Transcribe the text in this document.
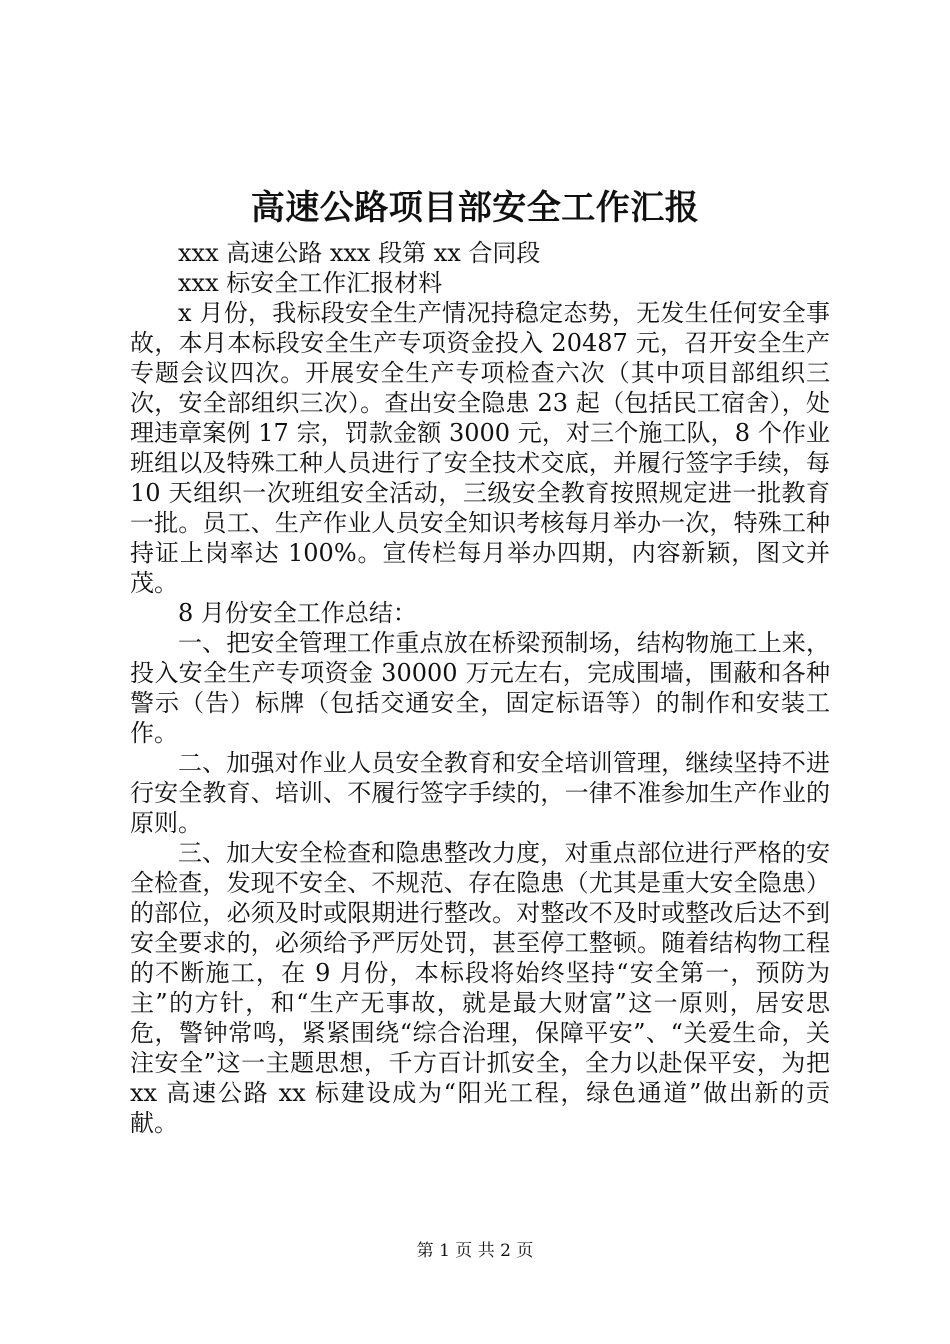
高速公路项目部安全工作汇报

xxx 高速公路 xxx 段第 xx 合同段

xxx 标安全工作汇报材料

x 月份，我标段安全生产情况持稳定态势，无发生任何安全事故，本月本标段安全生产专项资金投入 20487 元，召开安全生产专题会议四次。开展安全生产专项检查六次（其中项目部组织三次，安全部组织三次）。查出安全隐患 23 起（包括民工宿舍），处理违章案例 17 宗，罚款金额 3000 元，对三个施工队，8 个作业班组以及特殊工种人员进行了安全技术交底，并履行签字手续，每 10 天组织一次班组安全活动，三级安全教育按照规定进一批教育一批。员工、生产作业人员安全知识考核每月举办一次，特殊工种持证上岗率达 100%。宣传栏每月举办四期，内容新颖，图文并茂。

8 月份安全工作总结：

一、把安全管理工作重点放在桥梁预制场，结构物施工上来，投入安全生产专项资金 30000 万元左右，完成围墙，围蔽和各种警示（告）标牌（包括交通安全，固定标语等）的制作和安装工作。

二、加强对作业人员安全教育和安全培训管理，继续坚持不进行安全教育、培训、不履行签字手续的，一律不准参加生产作业的原则。

三、加大安全检查和隐患整改力度，对重点部位进行严格的安全检查，发现不安全、不规范、存在隐患（尤其是重大安全隐患）的部位，必须及时或限期进行整改。对整改不及时或整改后达不到安全要求的，必须给予严厉处罚，甚至停工整顿。随着结构物工程的不断施工，在 9 月份，本标段将始终坚持“安全第一，预防为主”的方针，和“生产无事故，就是最大财富”这一原则，居安思危，警钟常鸣，紧紧围绕“综合治理，保障平安”、“关爱生命，关注安全”这一主题思想，千方百计抓安全，全力以赴保平安，为把 xx 高速公路 xx 标建设成为“阳光工程，绿色通道”做出新的贡献。

第 1 页 共 2 页
